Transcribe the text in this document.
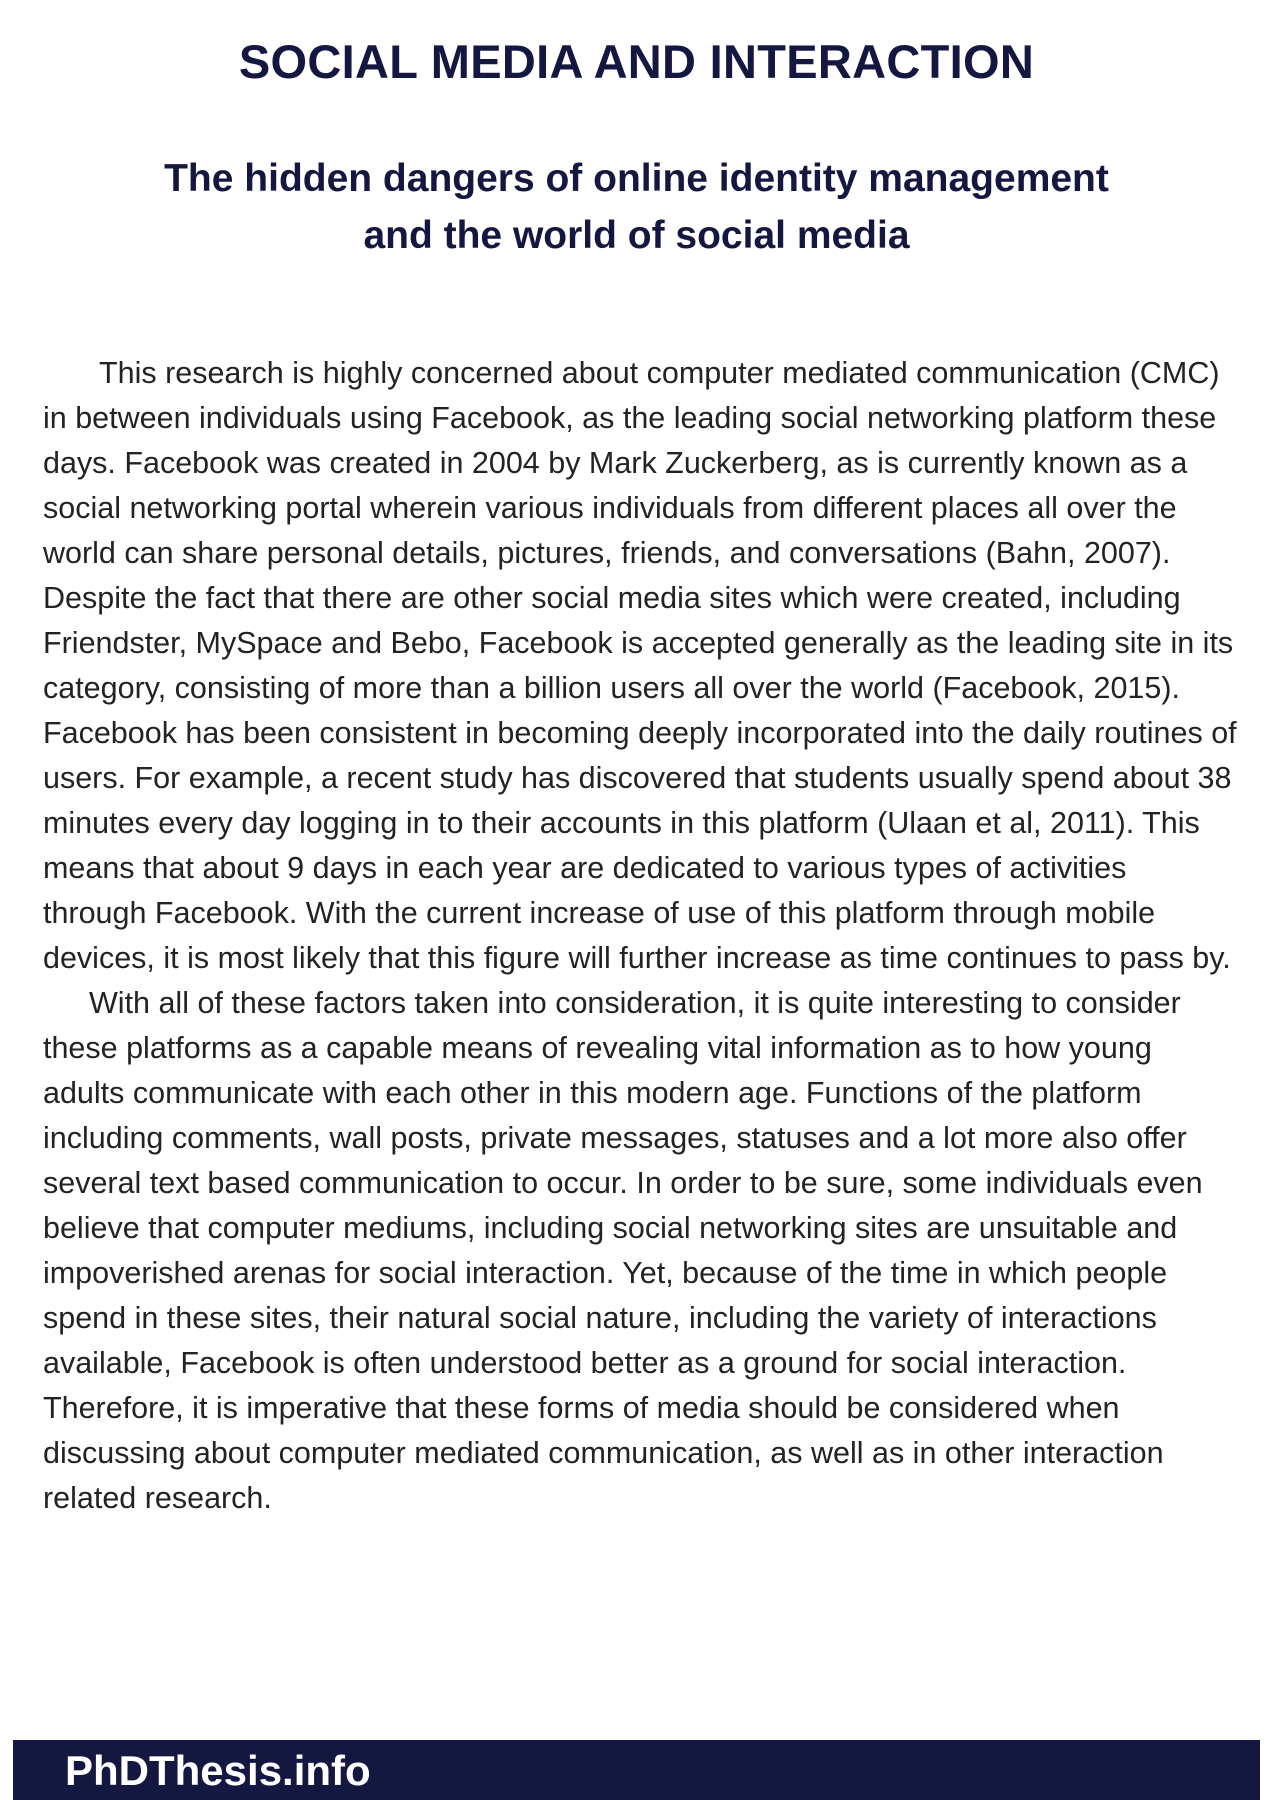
SOCIAL MEDIA AND INTERACTION
The hidden dangers of online identity management
and the world of social media

This research is highly concerned about computer mediated communication (CMC) in between individuals using Facebook, as the leading social networking platform these days. Facebook was created in 2004 by Mark Zuckerberg, as is currently known as a social networking portal wherein various individuals from different places all over the world can share personal details, pictures, friends, and conversations (Bahn, 2007). Despite the fact that there are other social media sites which were created, including Friendster, MySpace and Bebo, Facebook is accepted generally as the leading site in its category, consisting of more than a billion users all over the world (Facebook, 2015). Facebook has been consistent in becoming deeply incorporated into the daily routines of users. For example, a recent study has discovered that students usually spend about 38 minutes every day logging in to their accounts in this platform (Ulaan et al, 2011). This means that about 9 days in each year are dedicated to various types of activities through Facebook. With the current increase of use of this platform through mobile devices, it is most likely that this figure will further increase as time continues to pass by.

With all of these factors taken into consideration, it is quite interesting to consider these platforms as a capable means of revealing vital information as to how young adults communicate with each other in this modern age. Functions of the platform including comments, wall posts, private messages, statuses and a lot more also offer several text based communication to occur. In order to be sure, some individuals even believe that computer mediums, including social networking sites are unsuitable and impoverished arenas for social interaction. Yet, because of the time in which people spend in these sites, their natural social nature, including the variety of interactions available, Facebook is often understood better as a ground for social interaction. Therefore, it is imperative that these forms of media should be considered when discussing about computer mediated communication, as well as in other interaction related research.

PhDThesis.info
